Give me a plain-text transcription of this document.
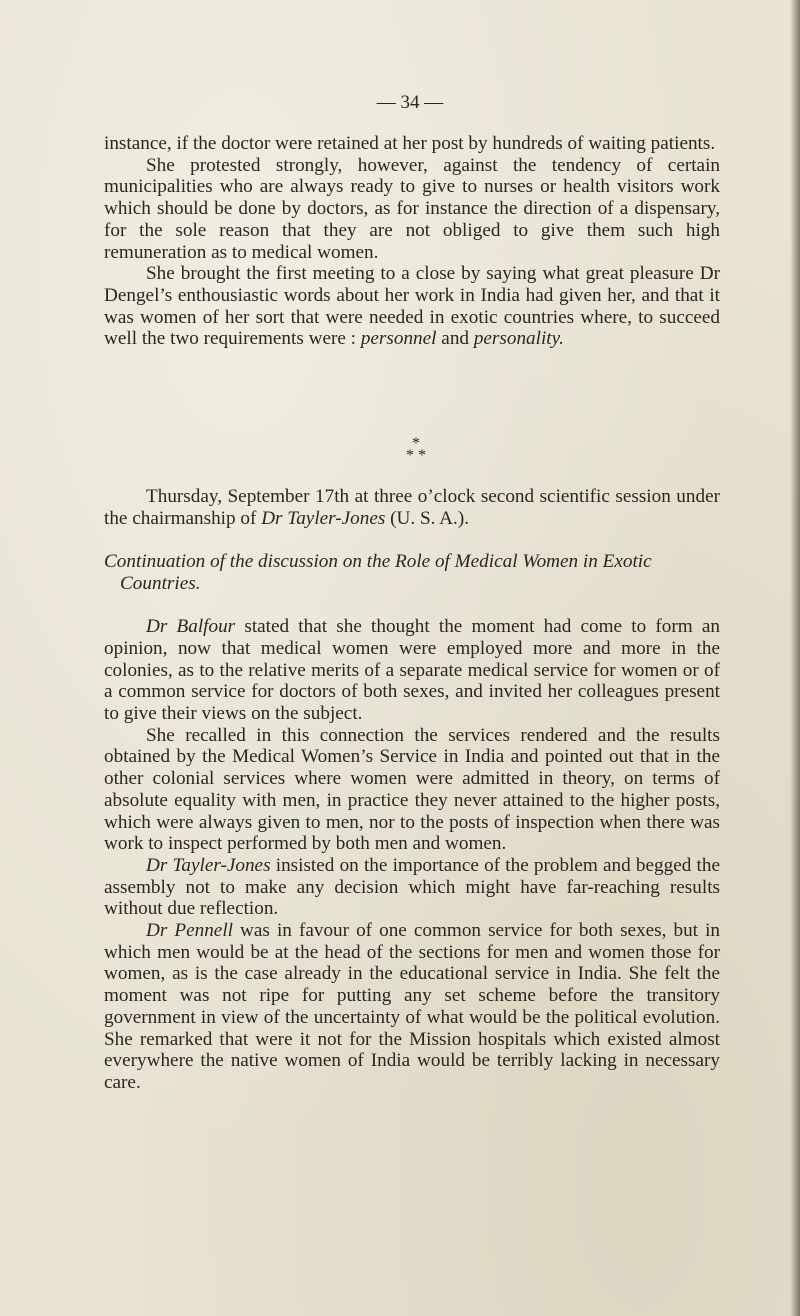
— 34 —

instance, if the doctor were retained at her post by hundreds of waiting patients.

She protested strongly, however, against the tendency of certain municipalities who are always ready to give to nurses or health visitors work which should be done by doctors, as for instance the direction of a dispensary, for the sole reason that they are not obliged to give them such high remuneration as to medical women.

She brought the first meeting to a close by saying what great pleasure Dr Dengel’s enthousiastic words about her work in India had given her, and that it was women of her sort that were needed in exotic countries where, to succeed well the two requirements were : personnel and personality.

*
* *

Thursday, September 17th at three o’clock second scientific session under the chairmanship of Dr Tayler-Jones (U. S. A.).

Continuation of the discussion on the Role of Medical Women in Exotic Countries.

Dr Balfour stated that she thought the moment had come to form an opinion, now that medical women were employed more and more in the colonies, as to the relative merits of a separate medical service for women or of a common service for doctors of both sexes, and invited her colleagues present to give their views on the subject.

She recalled in this connection the services rendered and the results obtained by the Medical Women’s Service in India and pointed out that in the other colonial services where women were admitted in theory, on terms of absolute equality with men, in practice they never attained to the higher posts, which were always given to men, nor to the posts of inspection when there was work to inspect performed by both men and women.

Dr Tayler-Jones insisted on the importance of the problem and begged the assembly not to make any decision which might have far-reaching results without due reflection.

Dr Pennell was in favour of one common service for both sexes, but in which men would be at the head of the sections for men and women those for women, as is the case already in the educational service in India. She felt the moment was not ripe for putting any set scheme before the transitory government in view of the uncertainty of what would be the political evolution. She remarked that were it not for the Mission hospitals which existed almost everywhere the native women of India would be terribly lacking in necessary care.
